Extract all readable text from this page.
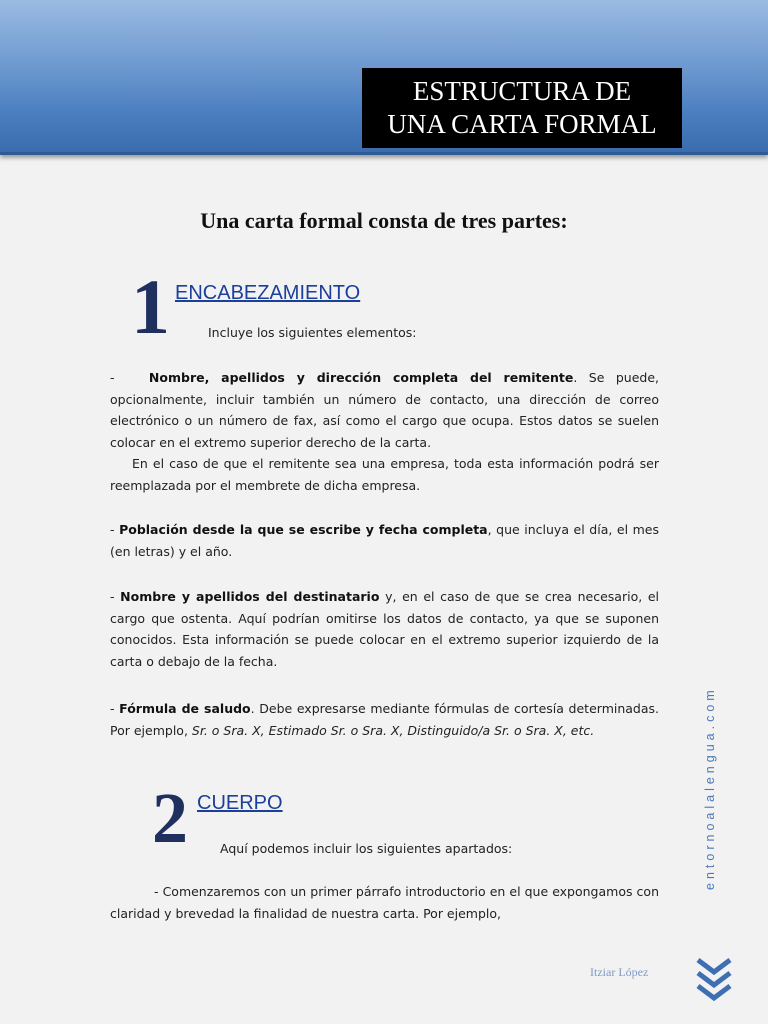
ESTRUCTURA DE
UNA CARTA FORMAL
Una carta formal consta de tres partes:
1 ENCABEZAMIENTO
Incluye los siguientes elementos:
-   Nombre, apellidos y dirección completa del remitente. Se puede, opcionalmente, incluir también un número de contacto, una dirección de correo electrónico o un número de fax, así como el cargo que ocupa. Estos datos se suelen colocar en el extremo superior derecho de la carta.
En el caso de que el remitente sea una empresa, toda esta información podrá ser reemplazada por el membrete de dicha empresa.
- Población desde la que se escribe y fecha completa, que incluya el día, el mes (en letras) y el año.
- Nombre y apellidos del destinatario y, en el caso de que se crea necesario, el cargo que ostenta. Aquí podrían omitirse los datos de contacto, ya que se suponen conocidos. Esta información se puede colocar en el extremo superior izquierdo de la carta o debajo de la fecha.
- Fórmula de saludo. Debe expresarse mediante fórmulas de cortesía determinadas. Por ejemplo, Sr. o Sra. X, Estimado Sr. o Sra. X, Distinguido/a Sr. o Sra. X, etc.
2 CUERPO
Aquí podemos incluir los siguientes apartados:
- Comenzaremos con un primer párrafo introductorio en el que expongamos con claridad y brevedad la finalidad de nuestra carta. Por ejemplo,
entornoalalengua.com
Itziar López
